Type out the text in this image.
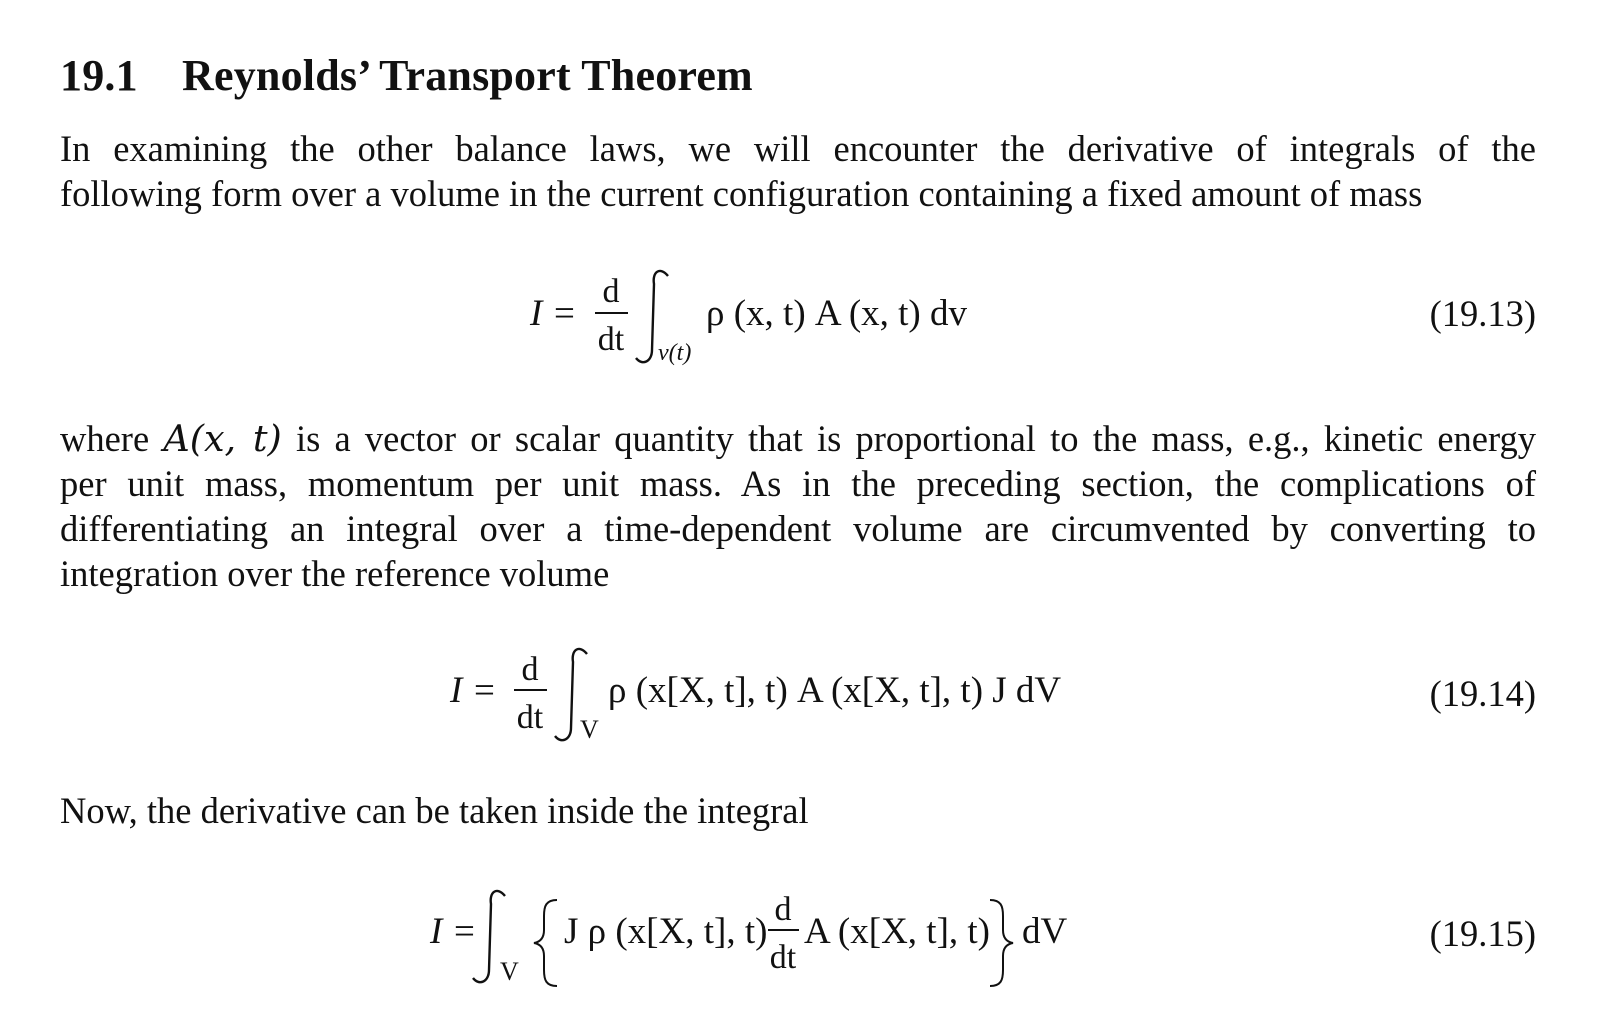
19.1 Reynolds’ Transport Theorem
In examining the other balance laws, we will encounter the derivative of integrals of the
following form over a volume in the current configuration containing a fixed amount of mass
I =
d
dt v(t)
ρ (x, t) A (x, t) dv	(19.13)
where A(x, t) is a vector or scalar quantity that is proportional to the mass, e.g., kinetic energy
per unit mass, momentum per unit mass. As in the preceding section, the complications of
differentiating an integral over a time-dependent volume are circumvented by converting to
integration over the reference volume
I =
d
dt V
ρ (x[X, t], t) A (x[X, t], t) J dV	(19.14)
Now, the derivative can be taken inside the integral
I =
V
J ρ (x[X, t], t)
d
dt
A (x[X, t], t) dV	(19.15)
